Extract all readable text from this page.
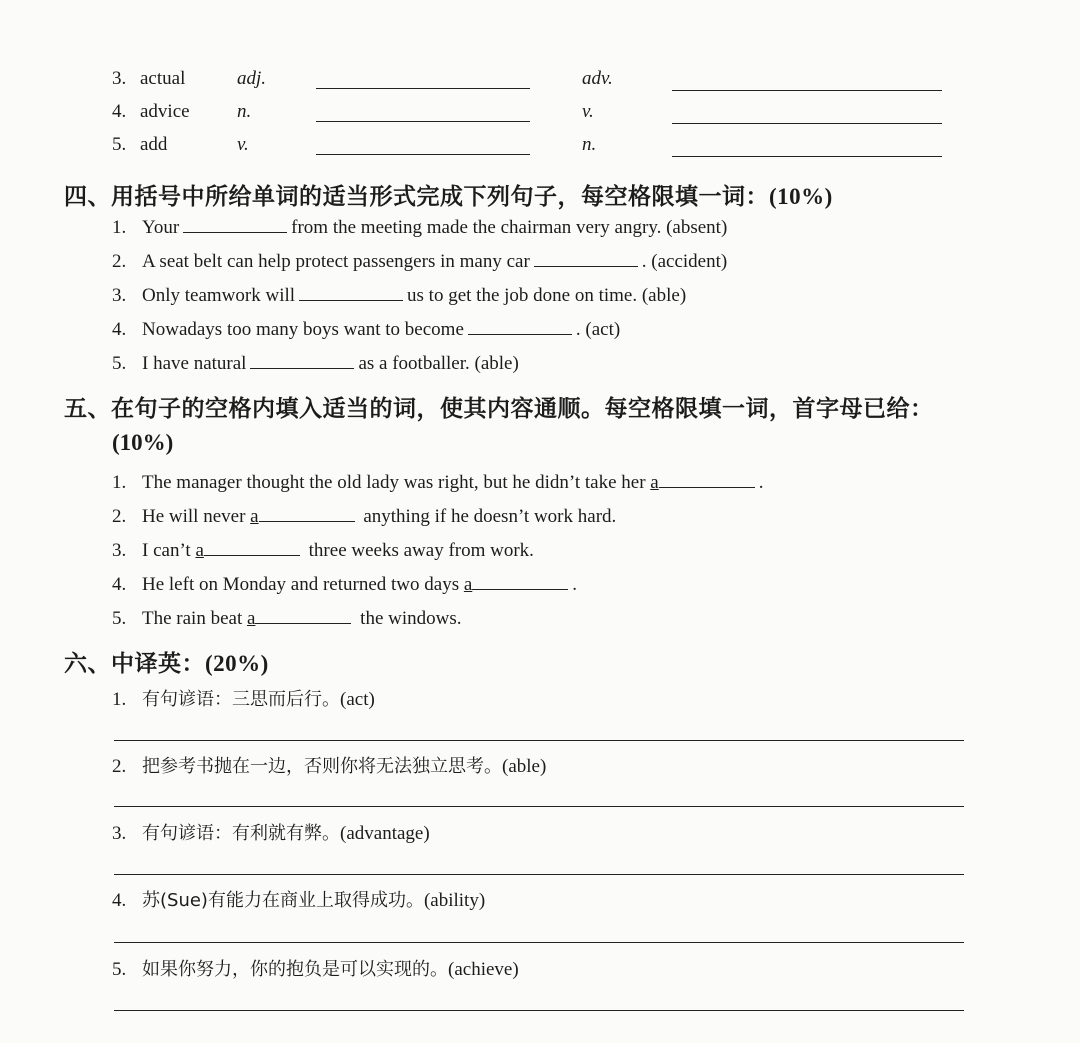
3. actual	adj.	adv.
4. advice n.	v.
5. add	v.	n.
四、用括号中所给单词的适当形式完成下列句子，每空格限填一词：(10%)
1. Your	from the meeting made the chairman very angry. (absent)
2. A seat belt can help protect passengers in many car	. (accident)
3. Only teamwork will	us to get the job done on time. (able)
4. Nowadays too many boys want to become	. (act)
5. I have natural	as a footballer. (able)
五、在句子的空格内填入适当的词，使其内容通顺。每空格限填一词，首字母已给：
(10%)
1. The manager thought the old lady was right, but he didn’t take her a	.
2. He will never a	anything if he doesn’t work hard.
3. I can’t a	three weeks away from work.
4. He left on Monday and returned two days a	.
5. The rain beat a	the windows.
六、中译英：(20%)
1. 有句谚语：三思而后行。(act)
2. 把参考书抛在一边，否则你将无法独立思考。(able)
3. 有句谚语：有利就有弊。(advantage)
4. 苏(Sue)有能力在商业上取得成功。(ability)
5. 如果你努力，你的抱负是可以实现的。(achieve)
